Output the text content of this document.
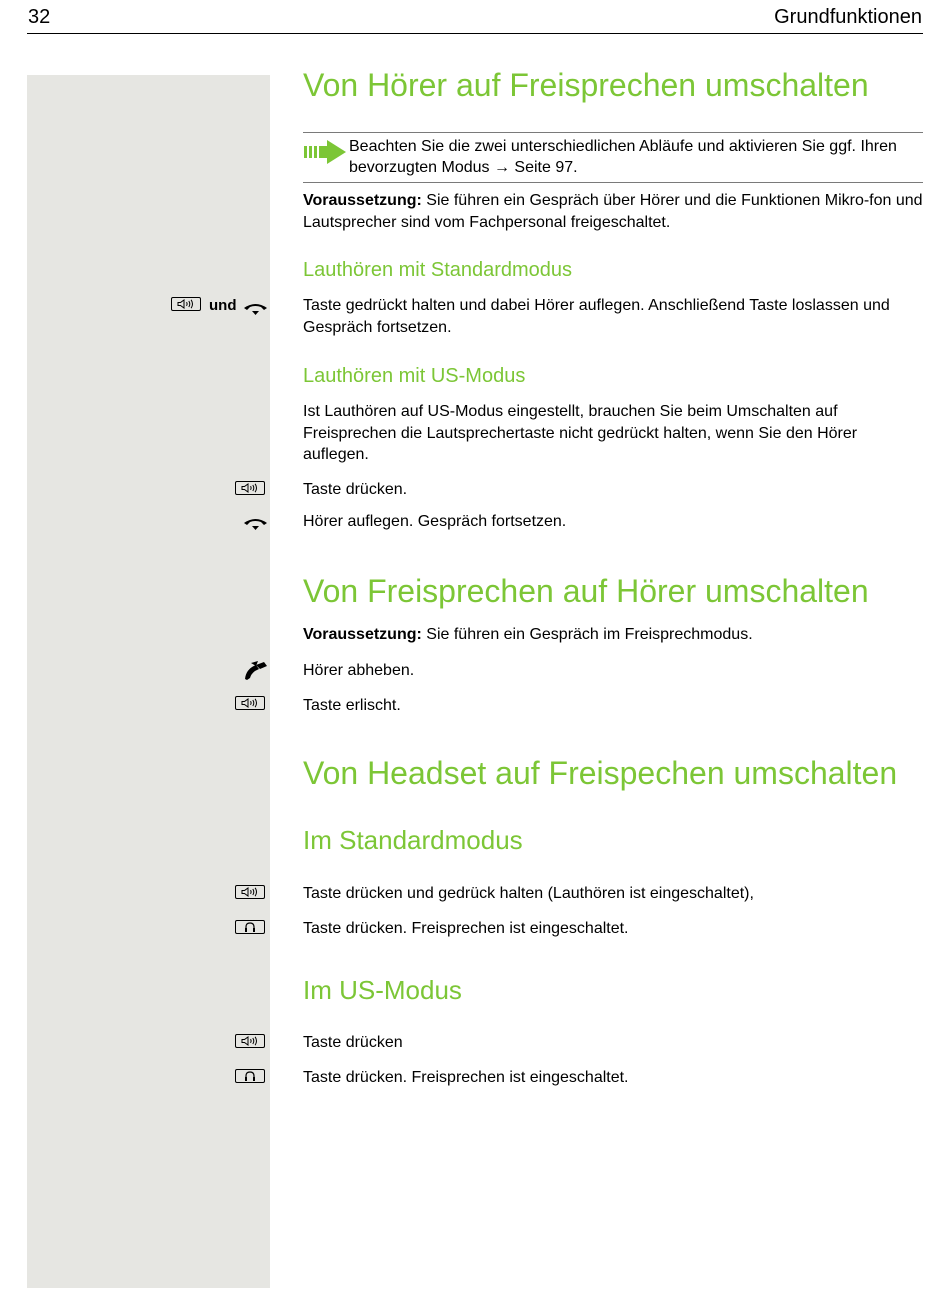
32	Grundfunktionen
Von Hörer auf Freisprechen umschalten
Beachten Sie die zwei unterschiedlichen Abläufe und aktivieren Sie ggf. Ihren bevorzugten Modus → Seite 97.
Voraussetzung: Sie führen ein Gespräch über Hörer und die Funktionen Mikro-fon und Lautsprecher sind vom Fachpersonal freigeschaltet.
Lauthören mit Standardmodus
und	Taste gedrückt halten und dabei Hörer auflegen. Anschließend Taste loslassen und Gespräch fortsetzen.
Lauthören mit US-Modus
Ist Lauthören auf US-Modus eingestellt, brauchen Sie beim Umschalten auf Freisprechen die Lautsprechertaste nicht gedrückt halten, wenn Sie den Hörer auflegen.
Taste drücken.
Hörer auflegen. Gespräch fortsetzen.
Von Freisprechen auf Hörer umschalten
Voraussetzung: Sie führen ein Gespräch im Freisprechmodus.
Hörer abheben.
Taste erlischt.
Von Headset auf Freispechen umschalten
Im Standardmodus
Taste drücken und gedrück halten (Lauthören ist eingeschaltet),
Taste drücken. Freisprechen ist eingeschaltet.
Im US-Modus
Taste drücken
Taste drücken. Freisprechen ist eingeschaltet.
